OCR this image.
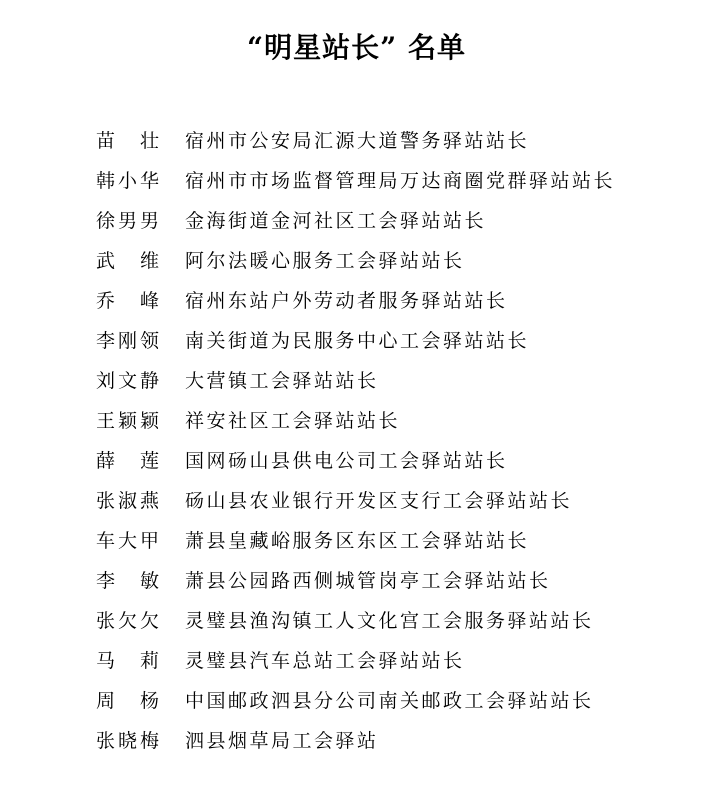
“明星站长” 名单
苗　壮 宿州市公安局汇源大道警务驿站站长
韩小华 宿州市市场监督管理局万达商圈党群驿站站长
徐男男 金海街道金河社区工会驿站站长
武　维 阿尔法暖心服务工会驿站站长
乔　峰 宿州东站户外劳动者服务驿站站长
李刚领 南关街道为民服务中心工会驿站站长
刘文静 大营镇工会驿站站长
王颖颖 祥安社区工会驿站站长
薛　莲 国网砀山县供电公司工会驿站站长
张淑燕 砀山县农业银行开发区支行工会驿站站长
车大甲 萧县皇藏峪服务区东区工会驿站站长
李　敏 萧县公园路西侧城管岗亭工会驿站站长
张欠欠 灵璧县渔沟镇工人文化宫工会服务驿站站长
马　莉 灵璧县汽车总站工会驿站站长
周　杨 中国邮政泗县分公司南关邮政工会驿站站长
张晓梅 泗县烟草局工会驿站
